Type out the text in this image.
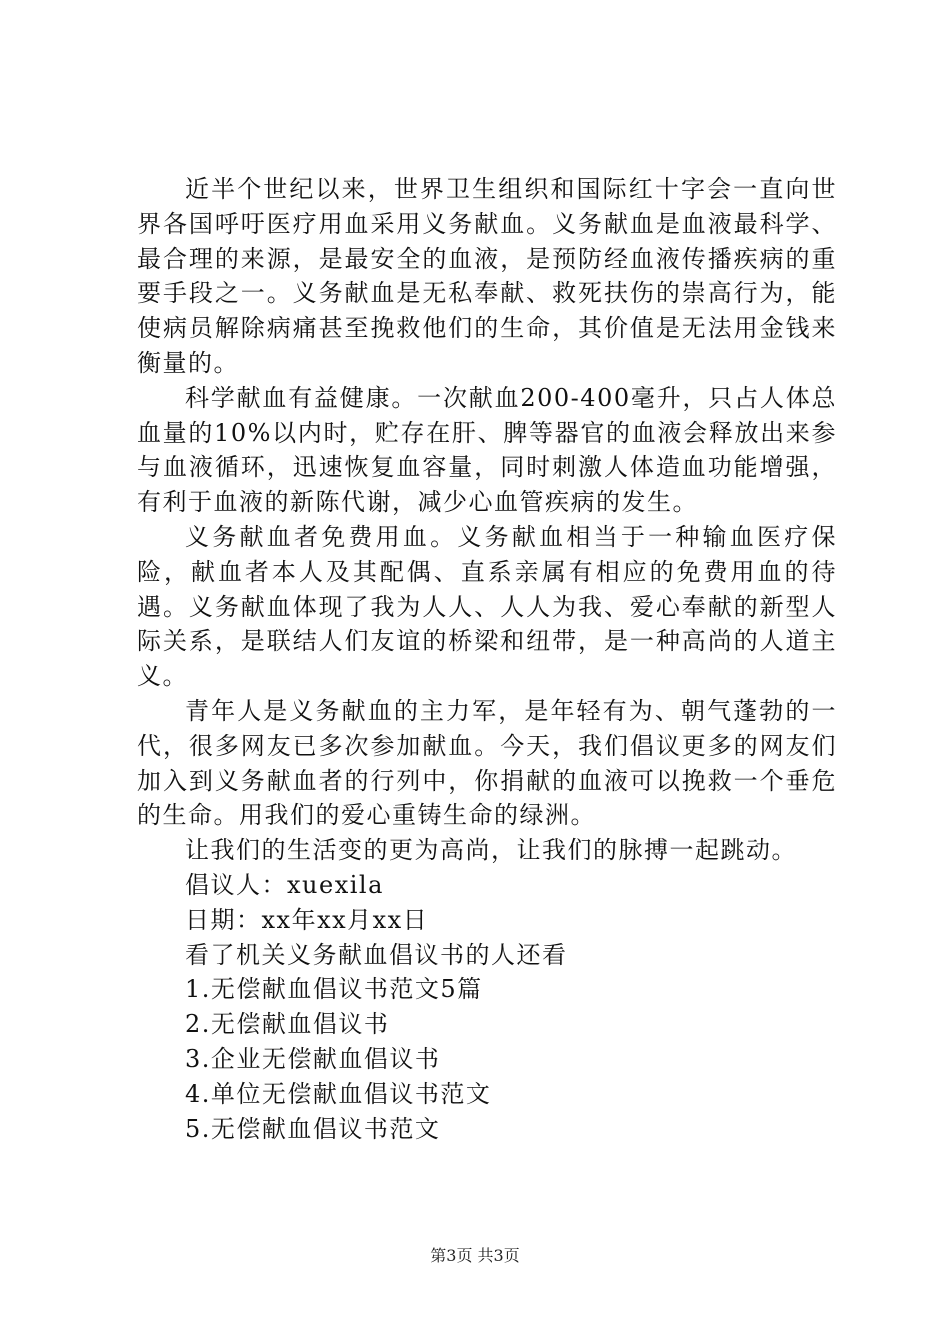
近半个世纪以来，世界卫生组织和国际红十字会一直向世界各国呼吁医疗用血采用义务献血。义务献血是血液最科学、最合理的来源，是最安全的血液，是预防经血液传播疾病的重要手段之一。义务献血是无私奉献、救死扶伤的崇高行为，能使病员解除病痛甚至挽救他们的生命，其价值是无法用金钱来衡量的。

科学献血有益健康。一次献血200-400毫升，只占人体总血量的10%以内时，贮存在肝、脾等器官的血液会释放出来参与血液循环，迅速恢复血容量，同时刺激人体造血功能增强，有利于血液的新陈代谢，减少心血管疾病的发生。

义务献血者免费用血。义务献血相当于一种输血医疗保险，献血者本人及其配偶、直系亲属有相应的免费用血的待遇。义务献血体现了我为人人、人人为我、爱心奉献的新型人际关系，是联结人们友谊的桥梁和纽带，是一种高尚的人道主义。

青年人是义务献血的主力军，是年轻有为、朝气蓬勃的一代，很多网友已多次参加献血。今天，我们倡议更多的网友们加入到义务献血者的行列中，你捐献的血液可以挽救一个垂危的生命。用我们的爱心重铸生命的绿洲。

让我们的生活变的更为高尚，让我们的脉搏一起跳动。

倡议人：xuexila

日期：xx年xx月xx日

看了机关义务献血倡议书的人还看

1.无偿献血倡议书范文5篇

2.无偿献血倡议书

3.企业无偿献血倡议书

4.单位无偿献血倡议书范文

5.无偿献血倡议书范文

第3页 共3页
